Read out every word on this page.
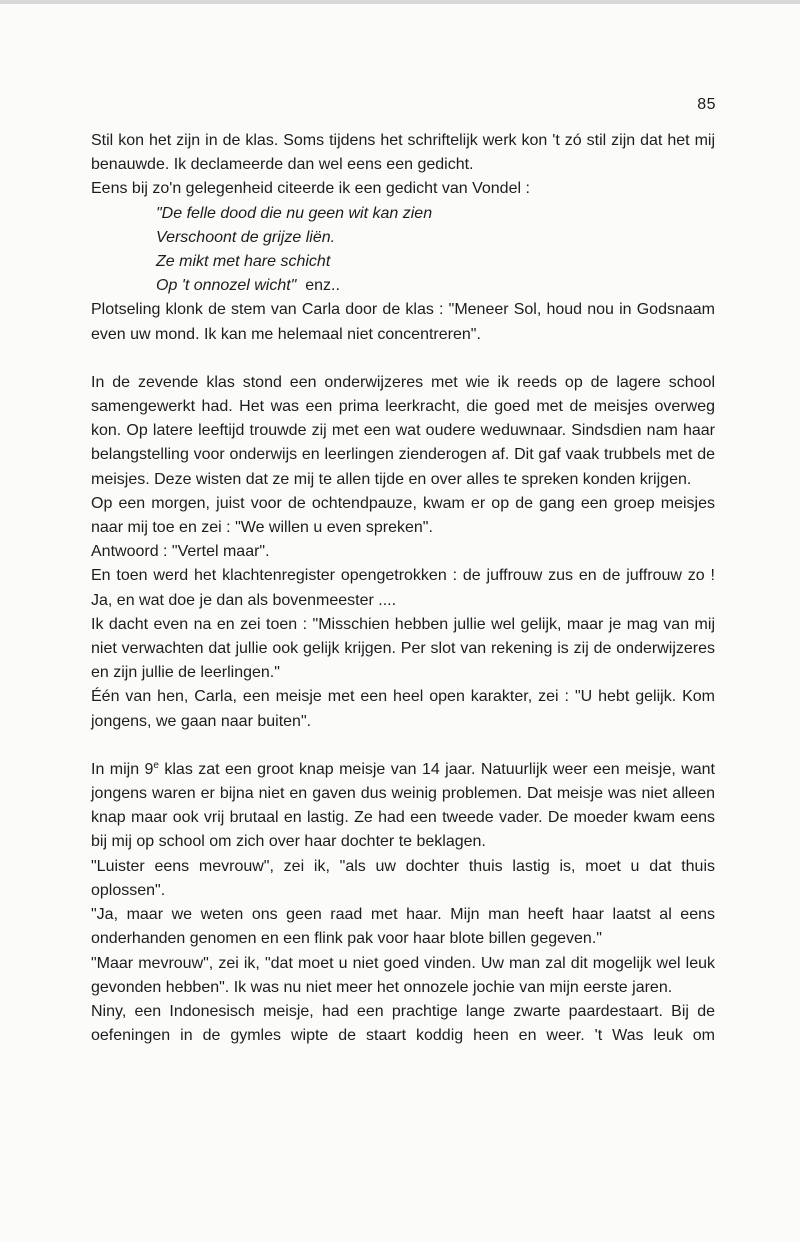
85

Stil kon het zijn in de klas. Soms tijdens het schriftelijk werk kon 't zó stil zijn dat het mij benauwde. Ik declameerde dan wel eens een gedicht.

Eens bij zo'n gelegenheid citeerde ik een gedicht van Vondel :

"De felle dood die nu geen wit kan zien
Verschoont de grijze liën.
Ze mikt met hare schicht
Op 't onnozel wicht" enz..

Plotseling klonk de stem van Carla door de klas : "Meneer Sol, houd nou in Godsnaam even uw mond. Ik kan me helemaal niet concentreren".

In de zevende klas stond een onderwijzeres met wie ik reeds op de lagere school samengewerkt had. Het was een prima leerkracht, die goed met de meisjes overweg kon. Op latere leeftijd trouwde zij met een wat oudere weduwnaar. Sindsdien nam haar belangstelling voor onderwijs en leerlingen zienderogen af. Dit gaf vaak trubbels met de meisjes. Deze wisten dat ze mij te allen tijde en over alles te spreken konden krijgen.

Op een morgen, juist voor de ochtendpauze, kwam er op de gang een groep meisjes naar mij toe en zei : "We willen u even spreken".

Antwoord : "Vertel maar".

En toen werd het klachtenregister opengetrokken : de juffrouw zus en de juffrouw zo ! Ja, en wat doe je dan als bovenmeester ....

Ik dacht even na en zei toen : "Misschien hebben jullie wel gelijk, maar je mag van mij niet verwachten dat jullie ook gelijk krijgen. Per slot van rekening is zij de onderwijzeres en zijn jullie de leerlingen."

Één van hen, Carla, een meisje met een heel open karakter, zei : "U hebt gelijk. Kom jongens, we gaan naar buiten".

In mijn 9e klas zat een groot knap meisje van 14 jaar. Natuurlijk weer een meisje, want jongens waren er bijna niet en gaven dus weinig problemen. Dat meisje was niet alleen knap maar ook vrij brutaal en lastig. Ze had een tweede vader. De moeder kwam eens bij mij op school om zich over haar dochter te beklagen.

"Luister eens mevrouw", zei ik, "als uw dochter thuis lastig is, moet u dat thuis oplossen".

"Ja, maar we weten ons geen raad met haar. Mijn man heeft haar laatst al eens onderhanden genomen en een flink pak voor haar blote billen gegeven."

"Maar mevrouw", zei ik, "dat moet u niet goed vinden. Uw man zal dit mogelijk wel leuk gevonden hebben". Ik was nu niet meer het onnozele jochie van mijn eerste jaren.

Niny, een Indonesisch meisje, had een prachtige lange zwarte paardestaart. Bij de oefeningen in de gymles wipte de staart koddig heen en weer. 't Was leuk om
